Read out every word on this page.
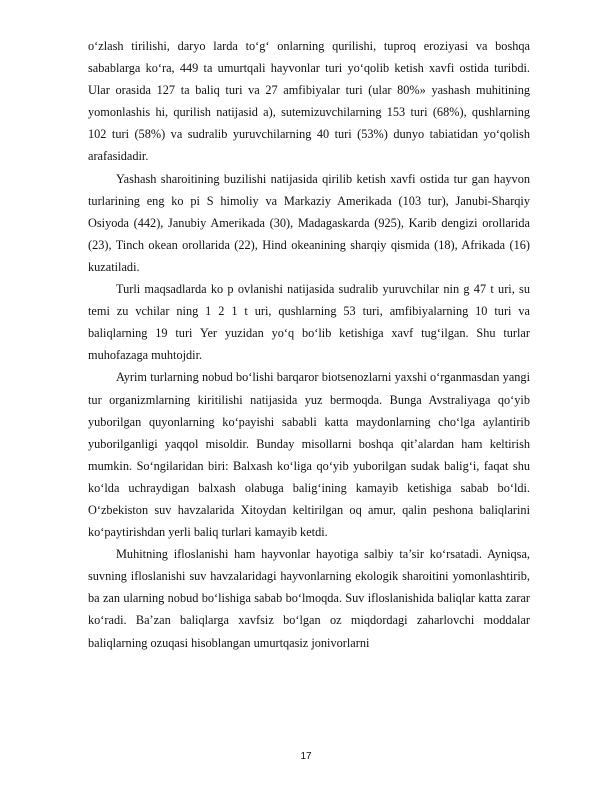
o‘zlash tirilishi, daryo larda to‘g‘ onlarning qurilishi, tuproq eroziyasi va boshqa sabablarga ko‘ra, 449 ta umurtqali hayvonlar turi yo‘qolib ketish xavfi ostida turibdi. Ular orasida 127 ta baliq turi va 27 amfibiyalar turi (ular 80%» yashash muhitining yomonlashis hi, qurilish natijasid a), sutemizuvchilarning 153 turi (68%), qushlarning 102 turi (58%) va sudralib yuruvchilarning 40 turi (53%) dunyo tabiatidan yo‘qolish arafasidadir.

Yashash sharoitining buzilishi natijasida qirilib ketish xavfi ostida tur gan hayvon turlarining eng ko pi S himoliy va Markaziy Amerikada (103 tur), Janubi-Sharqiy Osiyoda (442), Janubiy Amerikada (30), Madagaskarda (925), Karib dengizi orollarida (23), Tinch okean orollarida (22), Hind okeanining sharqiy qismida (18), Afrikada (16) kuzatiladi.

Turli maqsadlarda ko p ovlanishi natijasida sudralib yuruvchilar nin g 47 t uri, su temi zu vchilar ning 1 2 1 t uri, qushlarning 53 turi, amfibiyalarning 10 turi va baliqlarning 19 turi Yer yuzidan yo‘q bo‘lib ketishiga xavf tug‘ilgan. Shu turlar muhofazaga muhtojdir.

Ayrim turlarning nobud bo‘lishi barqaror biotsenozlarni yaxshi o‘rganmasdan yangi tur organizmlarning kiritilishi natijasida yuz bermoqda. Bunga Avstraliyaga qo‘yib yuborilgan quyonlarning ko‘payishi sababli katta maydonlarning cho‘lga aylantirib yuborilganligi yaqqol misoldir. Bunday misollarni boshqa qit’alardan ham keltirish mumkin. So‘ngilaridan biri: Balxash ko‘liga qo‘yib yuborilgan sudak balig‘i, faqat shu ko‘lda uchraydigan balxash olabuga balig‘ining kamayib ketishiga sabab bo‘ldi. O‘zbekiston suv havzalarida Xitoydan keltirilgan oq amur, qalin peshona baliqlarini ko‘paytirishdan yerli baliq turlari kamayib ketdi.

Muhitning ifloslanishi ham hayvonlar hayotiga salbiy ta’sir ko‘rsatadi. Ayniqsa, suvning ifloslanishi suv havzalaridagi hayvonlarning ekologik sharoitini yomonlashtirib, ba zan ularning nobud bo‘lishiga sabab bo‘lmoqda. Suv ifloslanishida baliqlar katta zarar ko‘radi. Ba’zan baliqlarga xavfsiz bo‘lgan oz miqdordagi zaharlovchi moddalar baliqlarning ozuqasi hisoblangan umurtqasiz jonivorlarni

17
